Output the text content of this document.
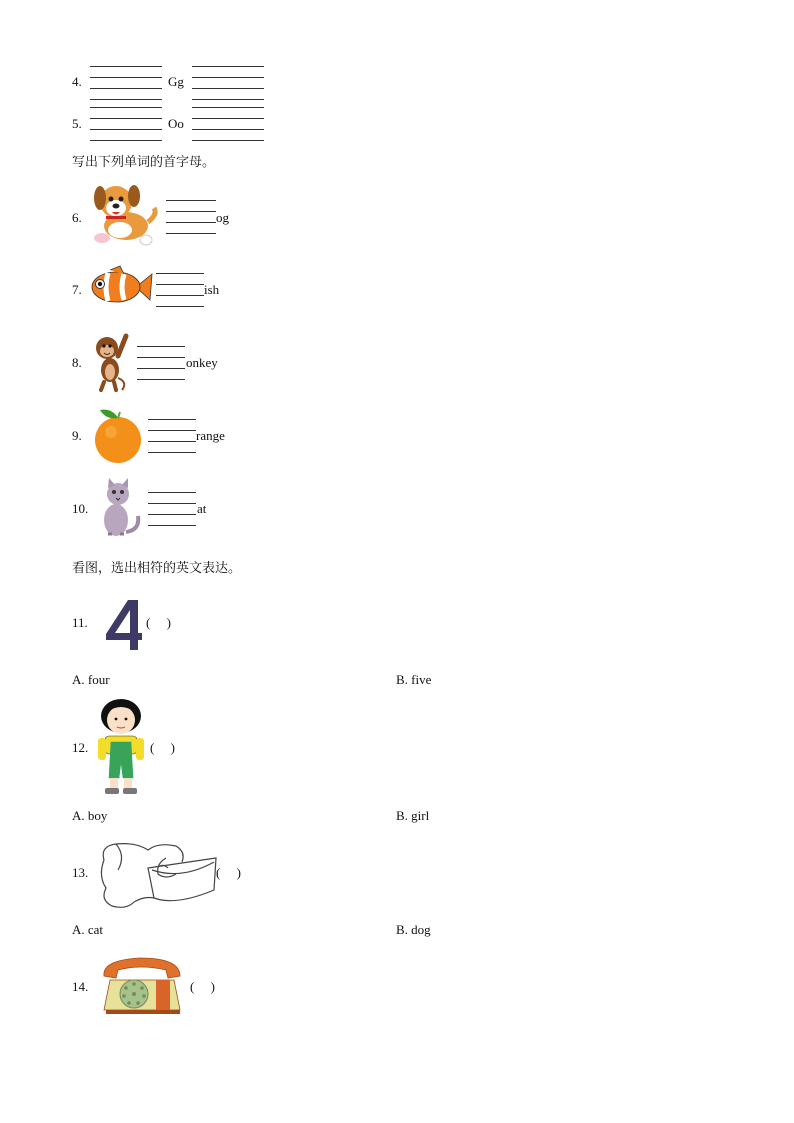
4.	Gg
5.	Oo
写出下列单词的首字母。
6.	og
7.	ish
8.	onkey
9.	range
10.	at
看图，选出相符的英文表达。
11.	(　 )
A. four	B. five
12.	(　 )
A. boy	B. girl
13.	(　 )
A. cat	B. dog
14.	(　 )
